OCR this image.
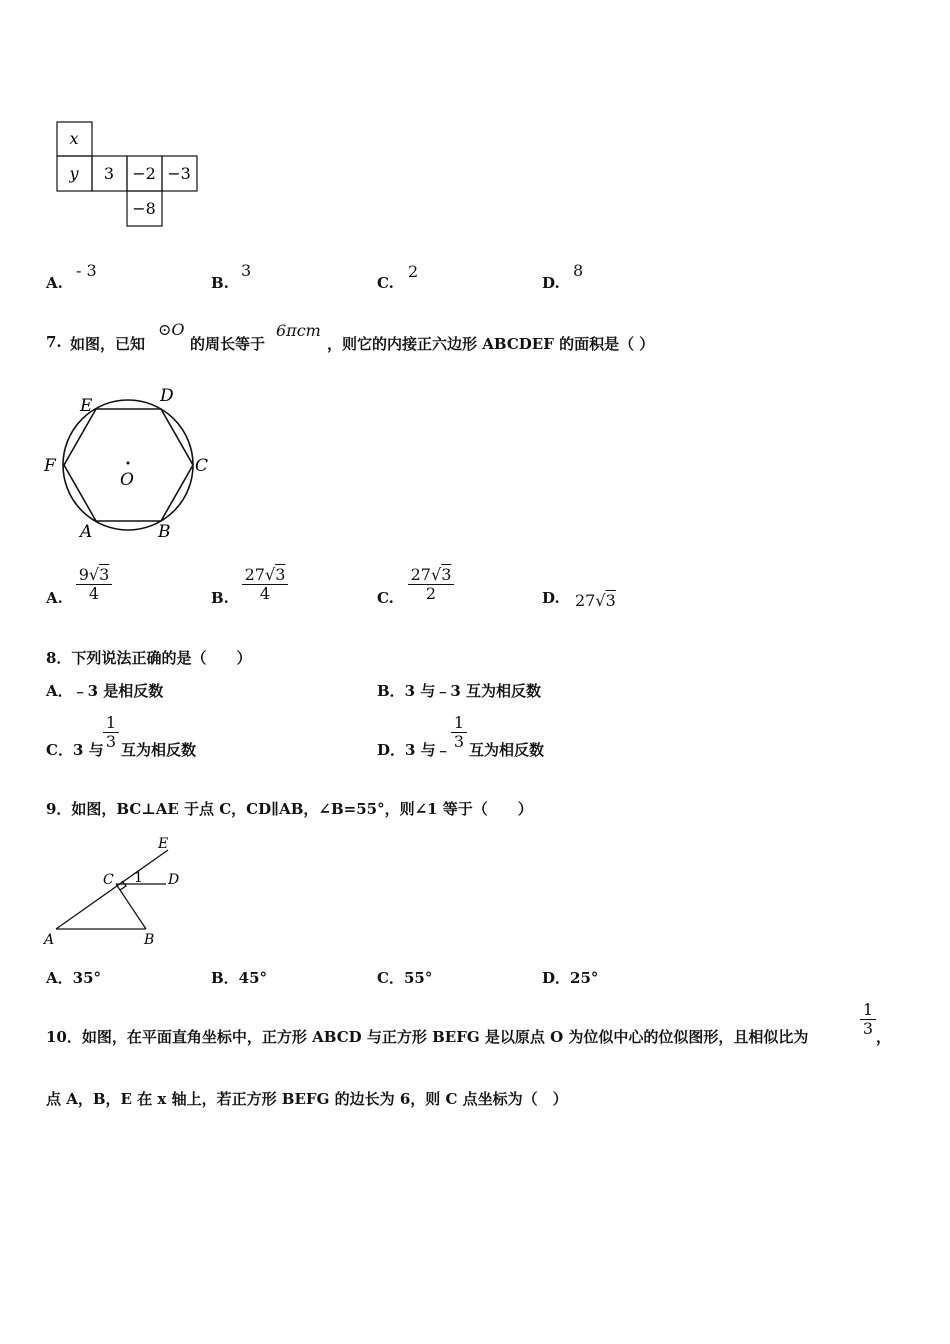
x
y 3 −2 −3
−8
A.
- 3
B.
3
C.
2
D.
8
7. 如图，已知
⊙O
的周长等于
6πcm
，则它的内接正六边形 ABCDEF 的面积是（ ）
E	D
F	C
O
A	B
A.
9√3
4	B.
27√3
4	C.
27√3
2	D. 27√3
8．下列说法正确的是（　　）
A．﹣3 是相反数	B．3 与﹣3 互为相反数
C．3 与
1
3 互为相反数	D．3 与﹣
1
3 互为相反数
9．如图，BC⊥AE 于点 C，CD∥AB，∠B=55°，则∠1 等于（　　）
E
C 1 D
A	B
A．35°	B．45°	C．55°	D．25°
10．如图，在平面直角坐标中，正方形 ABCD 与正方形 BEFG 是以原点 O 为位似中心的位似图形，且相似比为
1
3 ，
点 A，B，E 在 x 轴上，若正方形 BEFG 的边长为 6，则 C 点坐标为（　）
